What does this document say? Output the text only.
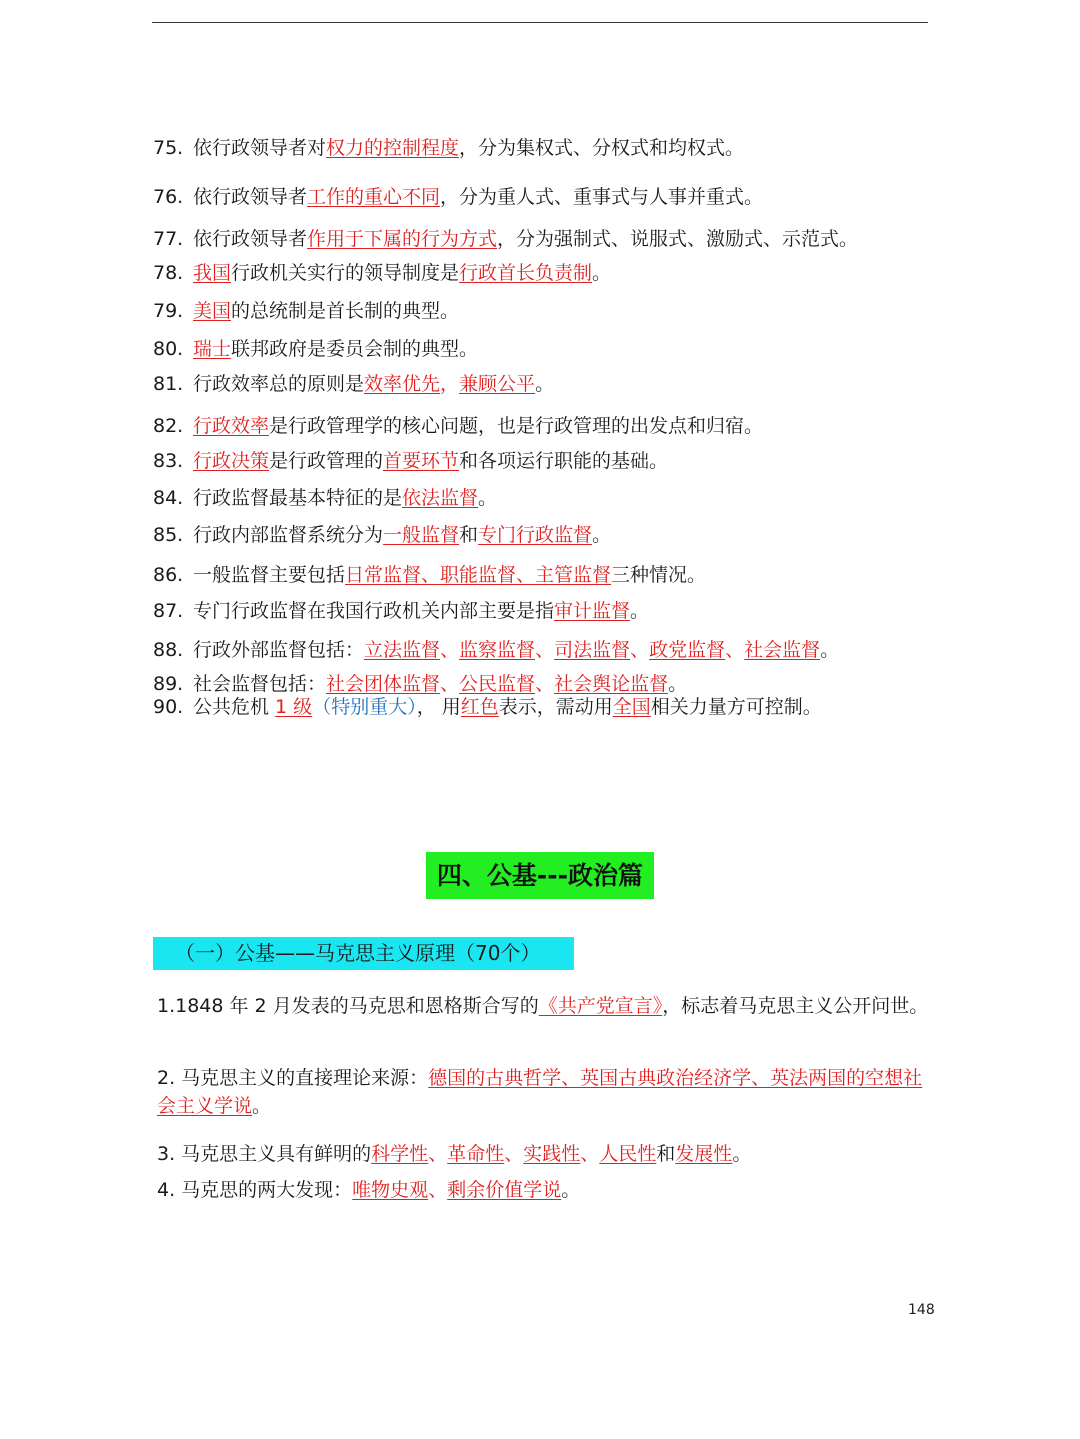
75. 依行政领导者对权力的控制程度，分为集权式、分权式和均权式。
76. 依行政领导者工作的重心不同，分为重人式、重事式与人事并重式。
77. 依行政领导者作用于下属的行为方式，分为强制式、说服式、激励式、示范式。
78. 我国行政机关实行的领导制度是行政首长负责制。
79. 美国的总统制是首长制的典型。
80. 瑞士联邦政府是委员会制的典型。
81. 行政效率总的原则是效率优先，兼顾公平。
82. 行政效率是行政管理学的核心问题，也是行政管理的出发点和归宿。
83. 行政决策是行政管理的首要环节和各项运行职能的基础。
84. 行政监督最基本特征的是依法监督。
85. 行政内部监督系统分为一般监督和专门行政监督。
86. 一般监督主要包括日常监督、职能监督、主管监督三种情况。
87. 专门行政监督在我国行政机关内部主要是指审计监督。
88. 行政外部监督包括：立法监督、监察监督、司法监督、政党监督、社会监督。
89. 社会监督包括：社会团体监督、公民监督、社会舆论监督。
90. 公共危机 1 级（特别重大）， 用红色表示，需动用全国相关力量方可控制。
四、公基---政治篇
（一）公基——马克思主义原理（70个）
1.1848 年 2 月发表的马克思和恩格斯合写的《共产党宣言》，标志着马克思主义公开问世。
2. 马克思主义的直接理论来源：德国的古典哲学、英国古典政治经济学、英法两国的空想社会主义学说。
3. 马克思主义具有鲜明的科学性、革命性、实践性、人民性和发展性。
4. 马克思的两大发现：唯物史观、剩余价值学说。
148
